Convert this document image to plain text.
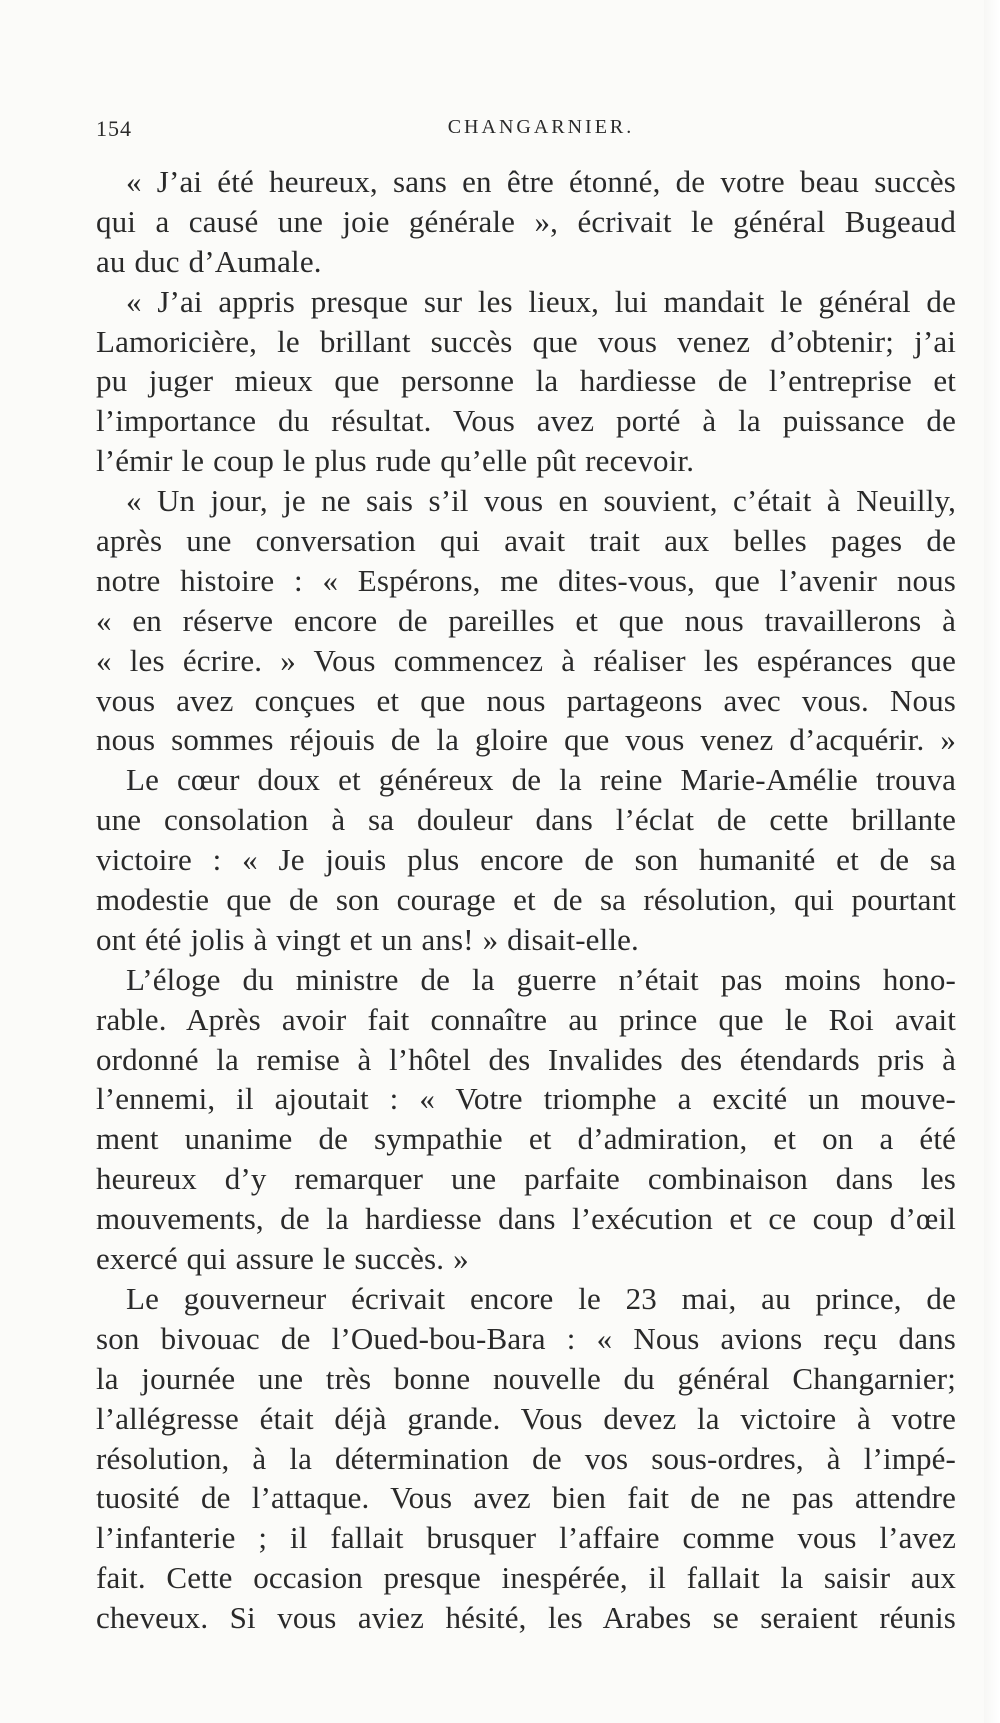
154	CHANGARNIER.
« J’ai été heureux, sans en être étonné, de votre beau succès
qui a causé une joie générale », écrivait le général Bugeaud
au duc d’Aumale.
« J’ai appris presque sur les lieux, lui mandait le général de
Lamoricière, le brillant succès que vous venez d’obtenir; j’ai
pu juger mieux que personne la hardiesse de l’entreprise et
l’importance du résultat. Vous avez porté à la puissance de
l’émir le coup le plus rude qu’elle pût recevoir.
« Un jour, je ne sais s’il vous en souvient, c’était à Neuilly,
après une conversation qui avait trait aux belles pages de
notre histoire : « Espérons, me dites-vous, que l’avenir nous
« en réserve encore de pareilles et que nous travaillerons à
« les écrire. » Vous commencez à réaliser les espérances que
vous avez conçues et que nous partageons avec vous. Nous
nous sommes réjouis de la gloire que vous venez d’acquérir. »
Le cœur doux et généreux de la reine Marie-Amélie trouva
une consolation à sa douleur dans l’éclat de cette brillante
victoire : « Je jouis plus encore de son humanité et de sa
modestie que de son courage et de sa résolution, qui pourtant
ont été jolis à vingt et un ans! » disait-elle.
L’éloge du ministre de la guerre n’était pas moins hono-
rable. Après avoir fait connaître au prince que le Roi avait
ordonné la remise à l’hôtel des Invalides des étendards pris à
l’ennemi, il ajoutait : « Votre triomphe a excité un mouve-
ment unanime de sympathie et d’admiration, et on a été
heureux d’y remarquer une parfaite combinaison dans les
mouvements, de la hardiesse dans l’exécution et ce coup d’œil
exercé qui assure le succès. »
Le gouverneur écrivait encore le 23 mai, au prince, de
son bivouac de l’Oued-bou-Bara : « Nous avions reçu dans
la journée une très bonne nouvelle du général Changarnier;
l’allégresse était déjà grande. Vous devez la victoire à votre
résolution, à la détermination de vos sous-ordres, à l’impé-
tuosité de l’attaque. Vous avez bien fait de ne pas attendre
l’infanterie ; il fallait brusquer l’affaire comme vous l’avez
fait. Cette occasion presque inespérée, il fallait la saisir aux
cheveux. Si vous aviez hésité, les Arabes se seraient réunis
